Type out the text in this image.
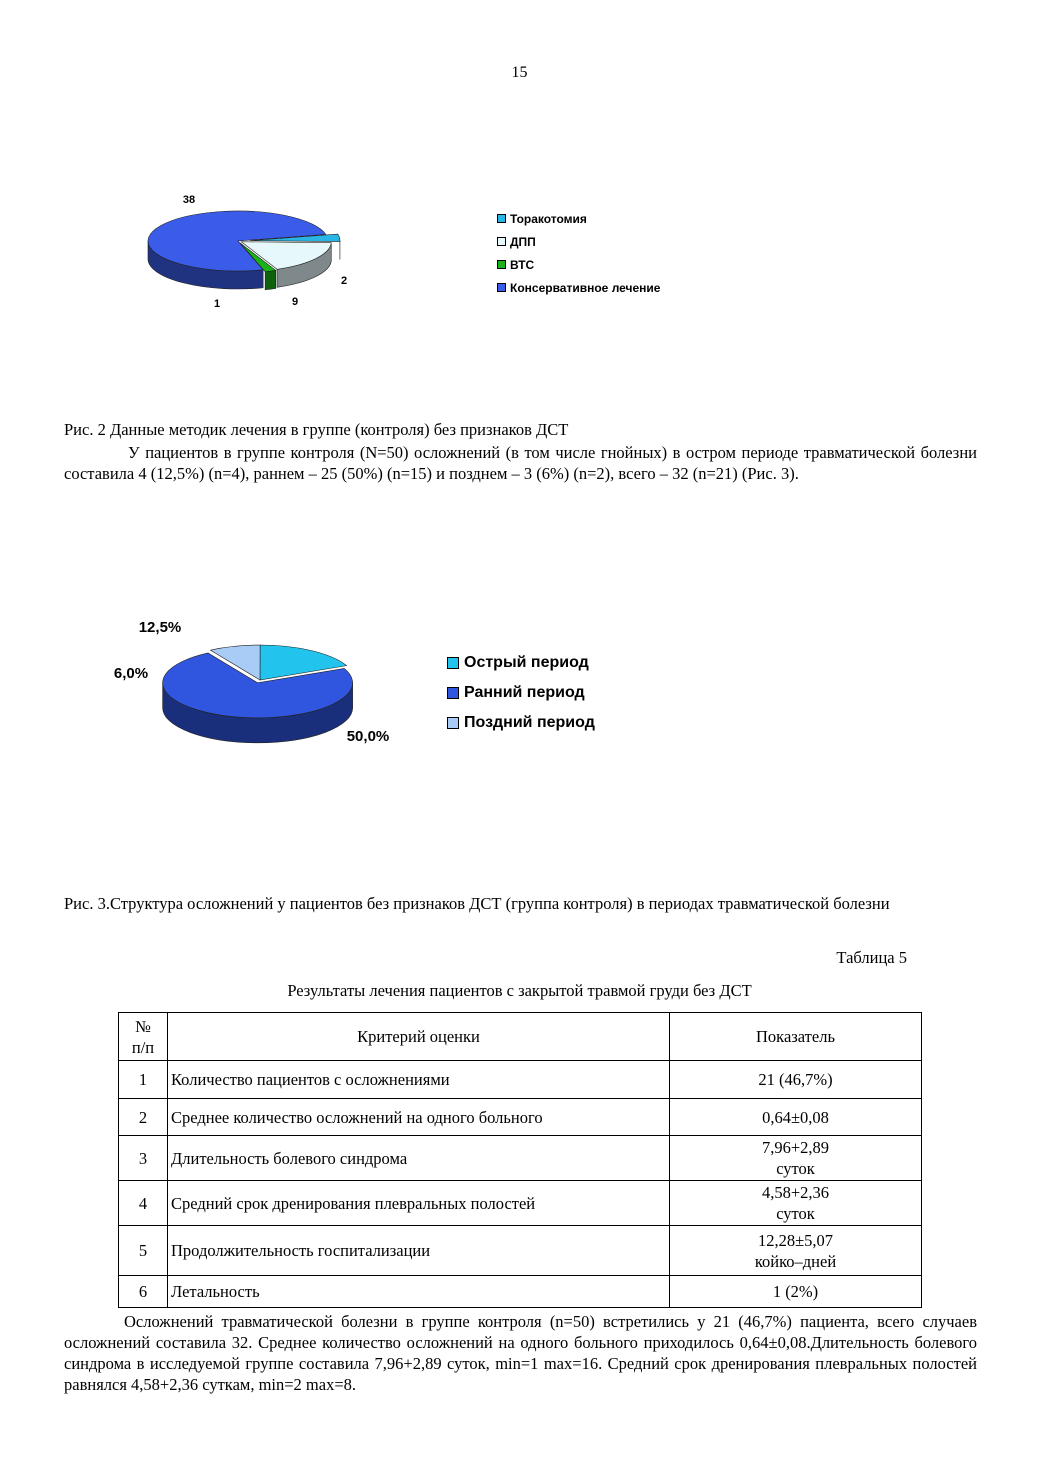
15
38
2
9
1
Торакотомия
ДПП
ВТС
Консервативное лечение
12,5%
6,0%
50,0%
Острый период
Ранний период
Поздний период
Рис. 2 Данные методик лечения в группе (контроля) без признаков ДСТ
У пациентов в группе контроля (N=50) осложнений (в том числе гнойных) в остром периоде травматической болезни составила 4 (12,5%) (n=4), раннем – 25 (50%) (n=15) и позднем – 3 (6%) (n=2), всего – 32 (n=21) (Рис. 3).
Рис. 3.Структура осложнений у пациентов без признаков ДСТ (группа контроля) в периодах травматической болезни
Таблица 5
Результаты лечения пациентов с закрытой травмой груди без ДСТ
№
п/п	Критерий оценки	Показатель
1	Количество пациентов с осложнениями	21 (46,7%)
2	Среднее количество осложнений на одного больного	0,64±0,08
3	Длительность болевого синдрома	7,96+2,89
суток
4	Средний срок дренирования плевральных полостей	4,58+2,36
суток
5	Продолжительность госпитализации	12,28±5,07
койко–дней
6	Летальность	1 (2%)
Осложнений травматической болезни в группе контроля (n=50) встретились у 21 (46,7%) пациента, всего случаев осложнений составила 32. Среднее количество осложнений на одного больного приходилось 0,64±0,08.Длительность болевого синдрома в исследуемой группе составила 7,96+2,89 суток, min=1 max=16. Средний срок дренирования плевральных полостей равнялся 4,58+2,36 суткам, min=2 max=8.
